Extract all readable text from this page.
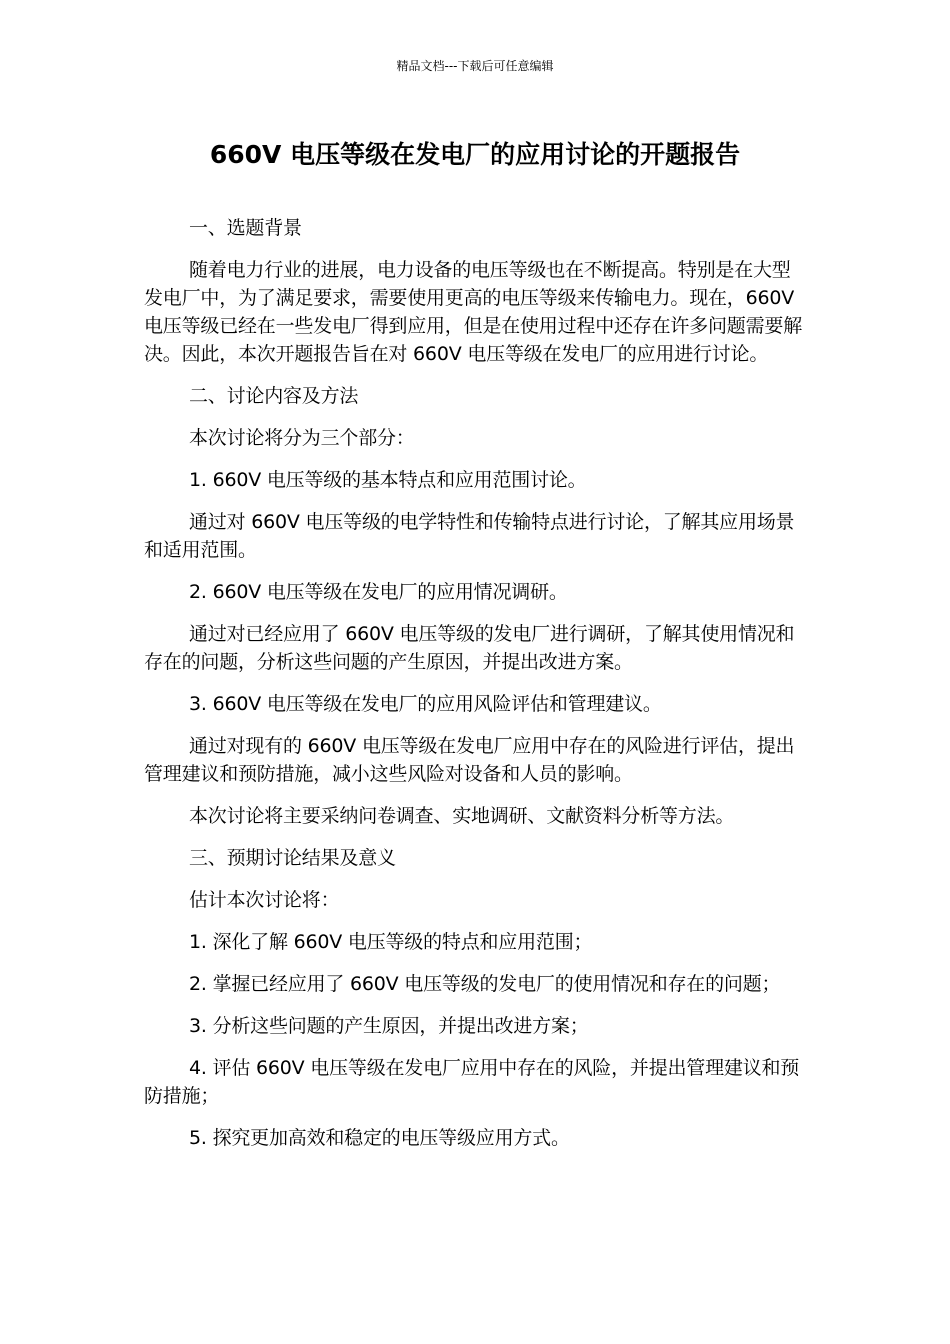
精品文档---下载后可任意编辑
660V 电压等级在发电厂的应用讨论的开题报告

一、选题背景

随着电力行业的进展，电力设备的电压等级也在不断提高。特别是在大型发电厂中，为了满足要求，需要使用更高的电压等级来传输电力。现在，660V 电压等级已经在一些发电厂得到应用，但是在使用过程中还存在许多问题需要解决。因此，本次开题报告旨在对 660V 电压等级在发电厂的应用进行讨论。

二、讨论内容及方法

本次讨论将分为三个部分：

1. 660V 电压等级的基本特点和应用范围讨论。

通过对 660V 电压等级的电学特性和传输特点进行讨论，了解其应用场景和适用范围。

2. 660V 电压等级在发电厂的应用情况调研。

通过对已经应用了 660V 电压等级的发电厂进行调研，了解其使用情况和存在的问题，分析这些问题的产生原因，并提出改进方案。

3. 660V 电压等级在发电厂的应用风险评估和管理建议。

通过对现有的 660V 电压等级在发电厂应用中存在的风险进行评估，提出管理建议和预防措施，减小这些风险对设备和人员的影响。

本次讨论将主要采纳问卷调查、实地调研、文献资料分析等方法。

三、预期讨论结果及意义

估计本次讨论将：

1. 深化了解 660V 电压等级的特点和应用范围；

2. 掌握已经应用了 660V 电压等级的发电厂的使用情况和存在的问题；

3. 分析这些问题的产生原因，并提出改进方案；

4. 评估 660V 电压等级在发电厂应用中存在的风险，并提出管理建议和预防措施；

5. 探究更加高效和稳定的电压等级应用方式。
